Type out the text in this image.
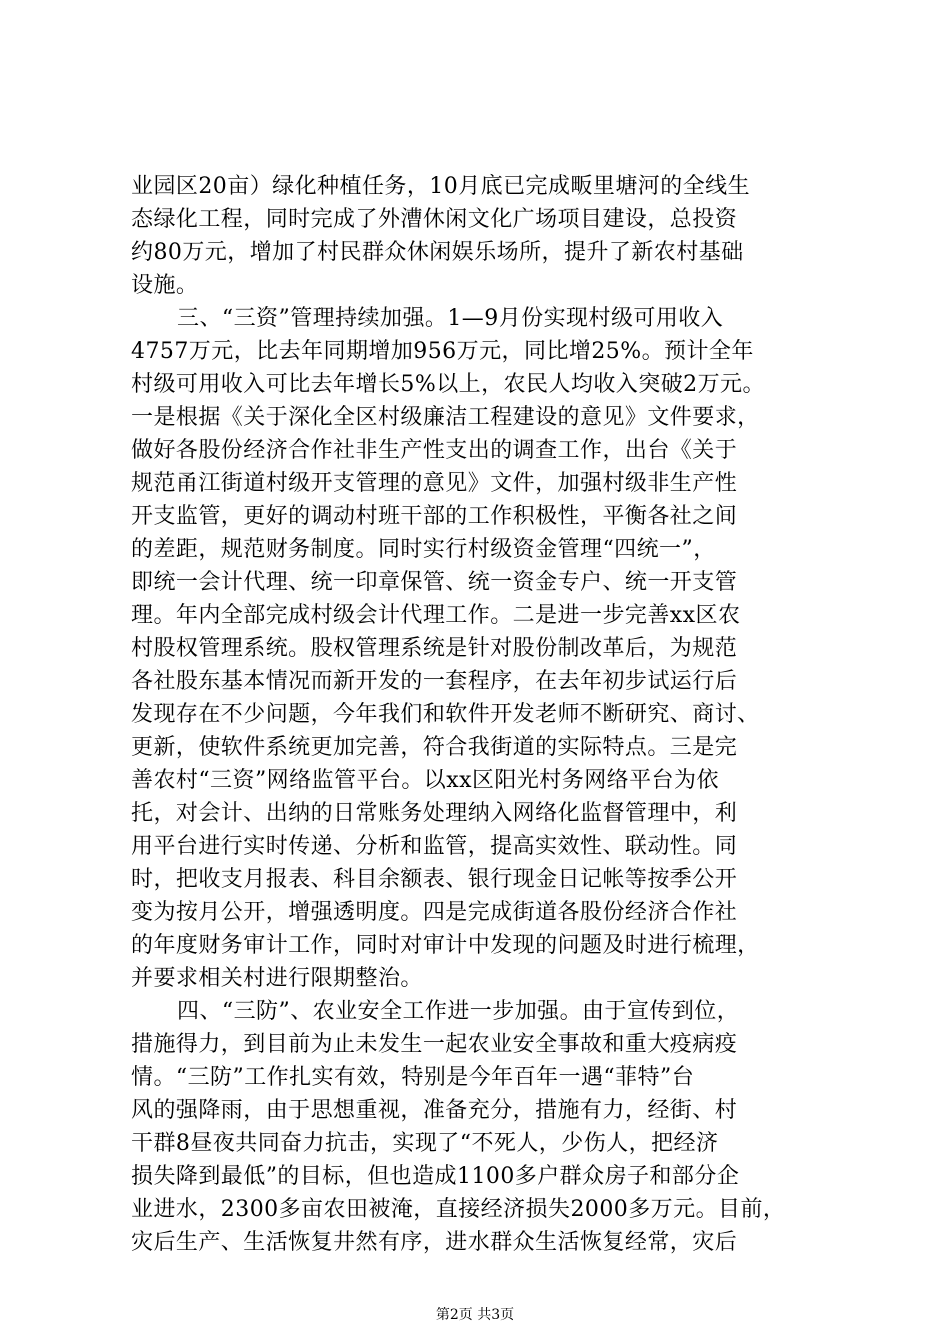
业园区20亩）绿化种植任务，10月底已完成畈里塘河的全线生
态绿化工程，同时完成了外漕休闲文化广场项目建设，总投资
约80万元，增加了村民群众休闲娱乐场所，提升了新农村基础
设施。
三、“三资”管理持续加强。1—9月份实现村级可用收入
4757万元，比去年同期增加956万元，同比增25%。预计全年
村级可用收入可比去年增长5%以上，农民人均收入突破2万元。
一是根据《关于深化全区村级廉洁工程建设的意见》文件要求，
做好各股份经济合作社非生产性支出的调查工作，出台《关于
规范甬江街道村级开支管理的意见》文件，加强村级非生产性
开支监管，更好的调动村班干部的工作积极性，平衡各社之间
的差距，规范财务制度。同时实行村级资金管理“四统一”，
即统一会计代理、统一印章保管、统一资金专户、统一开支管
理。年内全部完成村级会计代理工作。二是进一步完善xx区农
村股权管理系统。股权管理系统是针对股份制改革后，为规范
各社股东基本情况而新开发的一套程序，在去年初步试运行后
发现存在不少问题，今年我们和软件开发老师不断研究、商讨、
更新，使软件系统更加完善，符合我街道的实际特点。三是完
善农村“三资”网络监管平台。以xx区阳光村务网络平台为依
托，对会计、出纳的日常账务处理纳入网络化监督管理中，利
用平台进行实时传递、分析和监管，提高实效性、联动性。同
时，把收支月报表、科目余额表、银行现金日记帐等按季公开
变为按月公开，增强透明度。四是完成街道各股份经济合作社
的年度财务审计工作，同时对审计中发现的问题及时进行梳理，
并要求相关村进行限期整治。
四、“三防”、农业安全工作进一步加强。由于宣传到位，
措施得力，到目前为止未发生一起农业安全事故和重大疫病疫
情。“三防”工作扎实有效，特别是今年百年一遇“菲特”台
风的强降雨，由于思想重视，准备充分，措施有力，经街、村
干群8昼夜共同奋力抗击，实现了“不死人，少伤人，把经济
损失降到最低”的目标，但也造成1100多户群众房子和部分企
业进水，2300多亩农田被淹，直接经济损失2000多万元。目前，
灾后生产、生活恢复井然有序，进水群众生活恢复经常，灾后
第2页 共3页
